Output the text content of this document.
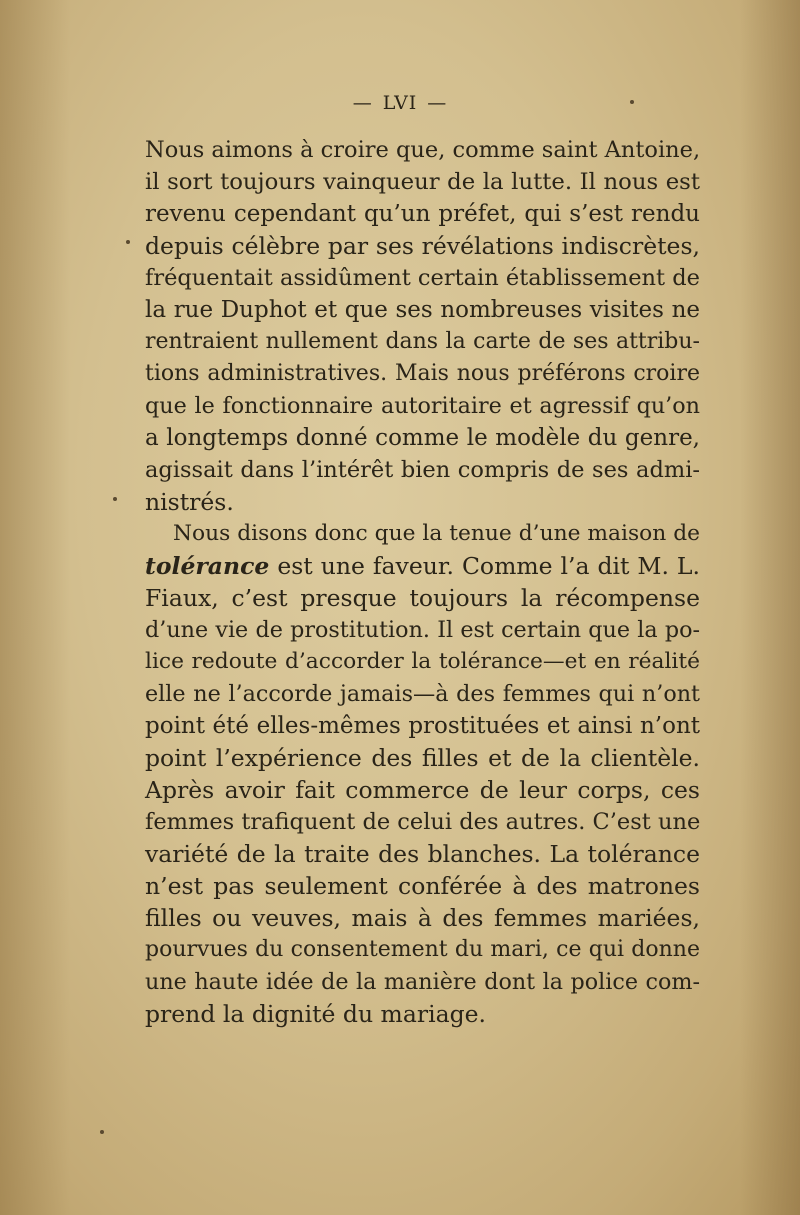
— LVI —
Nous aimons à croire que, comme saint Antoine,
il sort toujours vainqueur de la lutte. Il nous est
revenu cependant qu’un préfet, qui s’est rendu
depuis célèbre par ses révélations indiscrètes,
fréquentait assidûment certain établissement de
la rue Duphot et que ses nombreuses visites ne
rentraient nullement dans la carte de ses attribu-
tions administratives. Mais nous préférons croire
que le fonctionnaire autoritaire et agressif qu’on
a longtemps donné comme le modèle du genre,
agissait dans l’intérêt bien compris de ses admi-
nistrés.
Nous disons donc que la tenue d’une maison de
tolérance est une faveur. Comme l’a dit M. L.
Fiaux, c’est presque toujours la récompense
d’une vie de prostitution. Il est certain que la po-
lice redoute d’accorder la tolérance—et en réalité
elle ne l’accorde jamais—à des femmes qui n’ont
point été elles-mêmes prostituées et ainsi n’ont
point l’expérience des filles et de la clientèle.
Après avoir fait commerce de leur corps, ces
femmes trafiquent de celui des autres. C’est une
variété de la traite des blanches. La tolérance
n’est pas seulement conférée à des matrones
filles ou veuves, mais à des femmes mariées,
pourvues du consentement du mari, ce qui donne
une haute idée de la manière dont la police com-
prend la dignité du mariage.
